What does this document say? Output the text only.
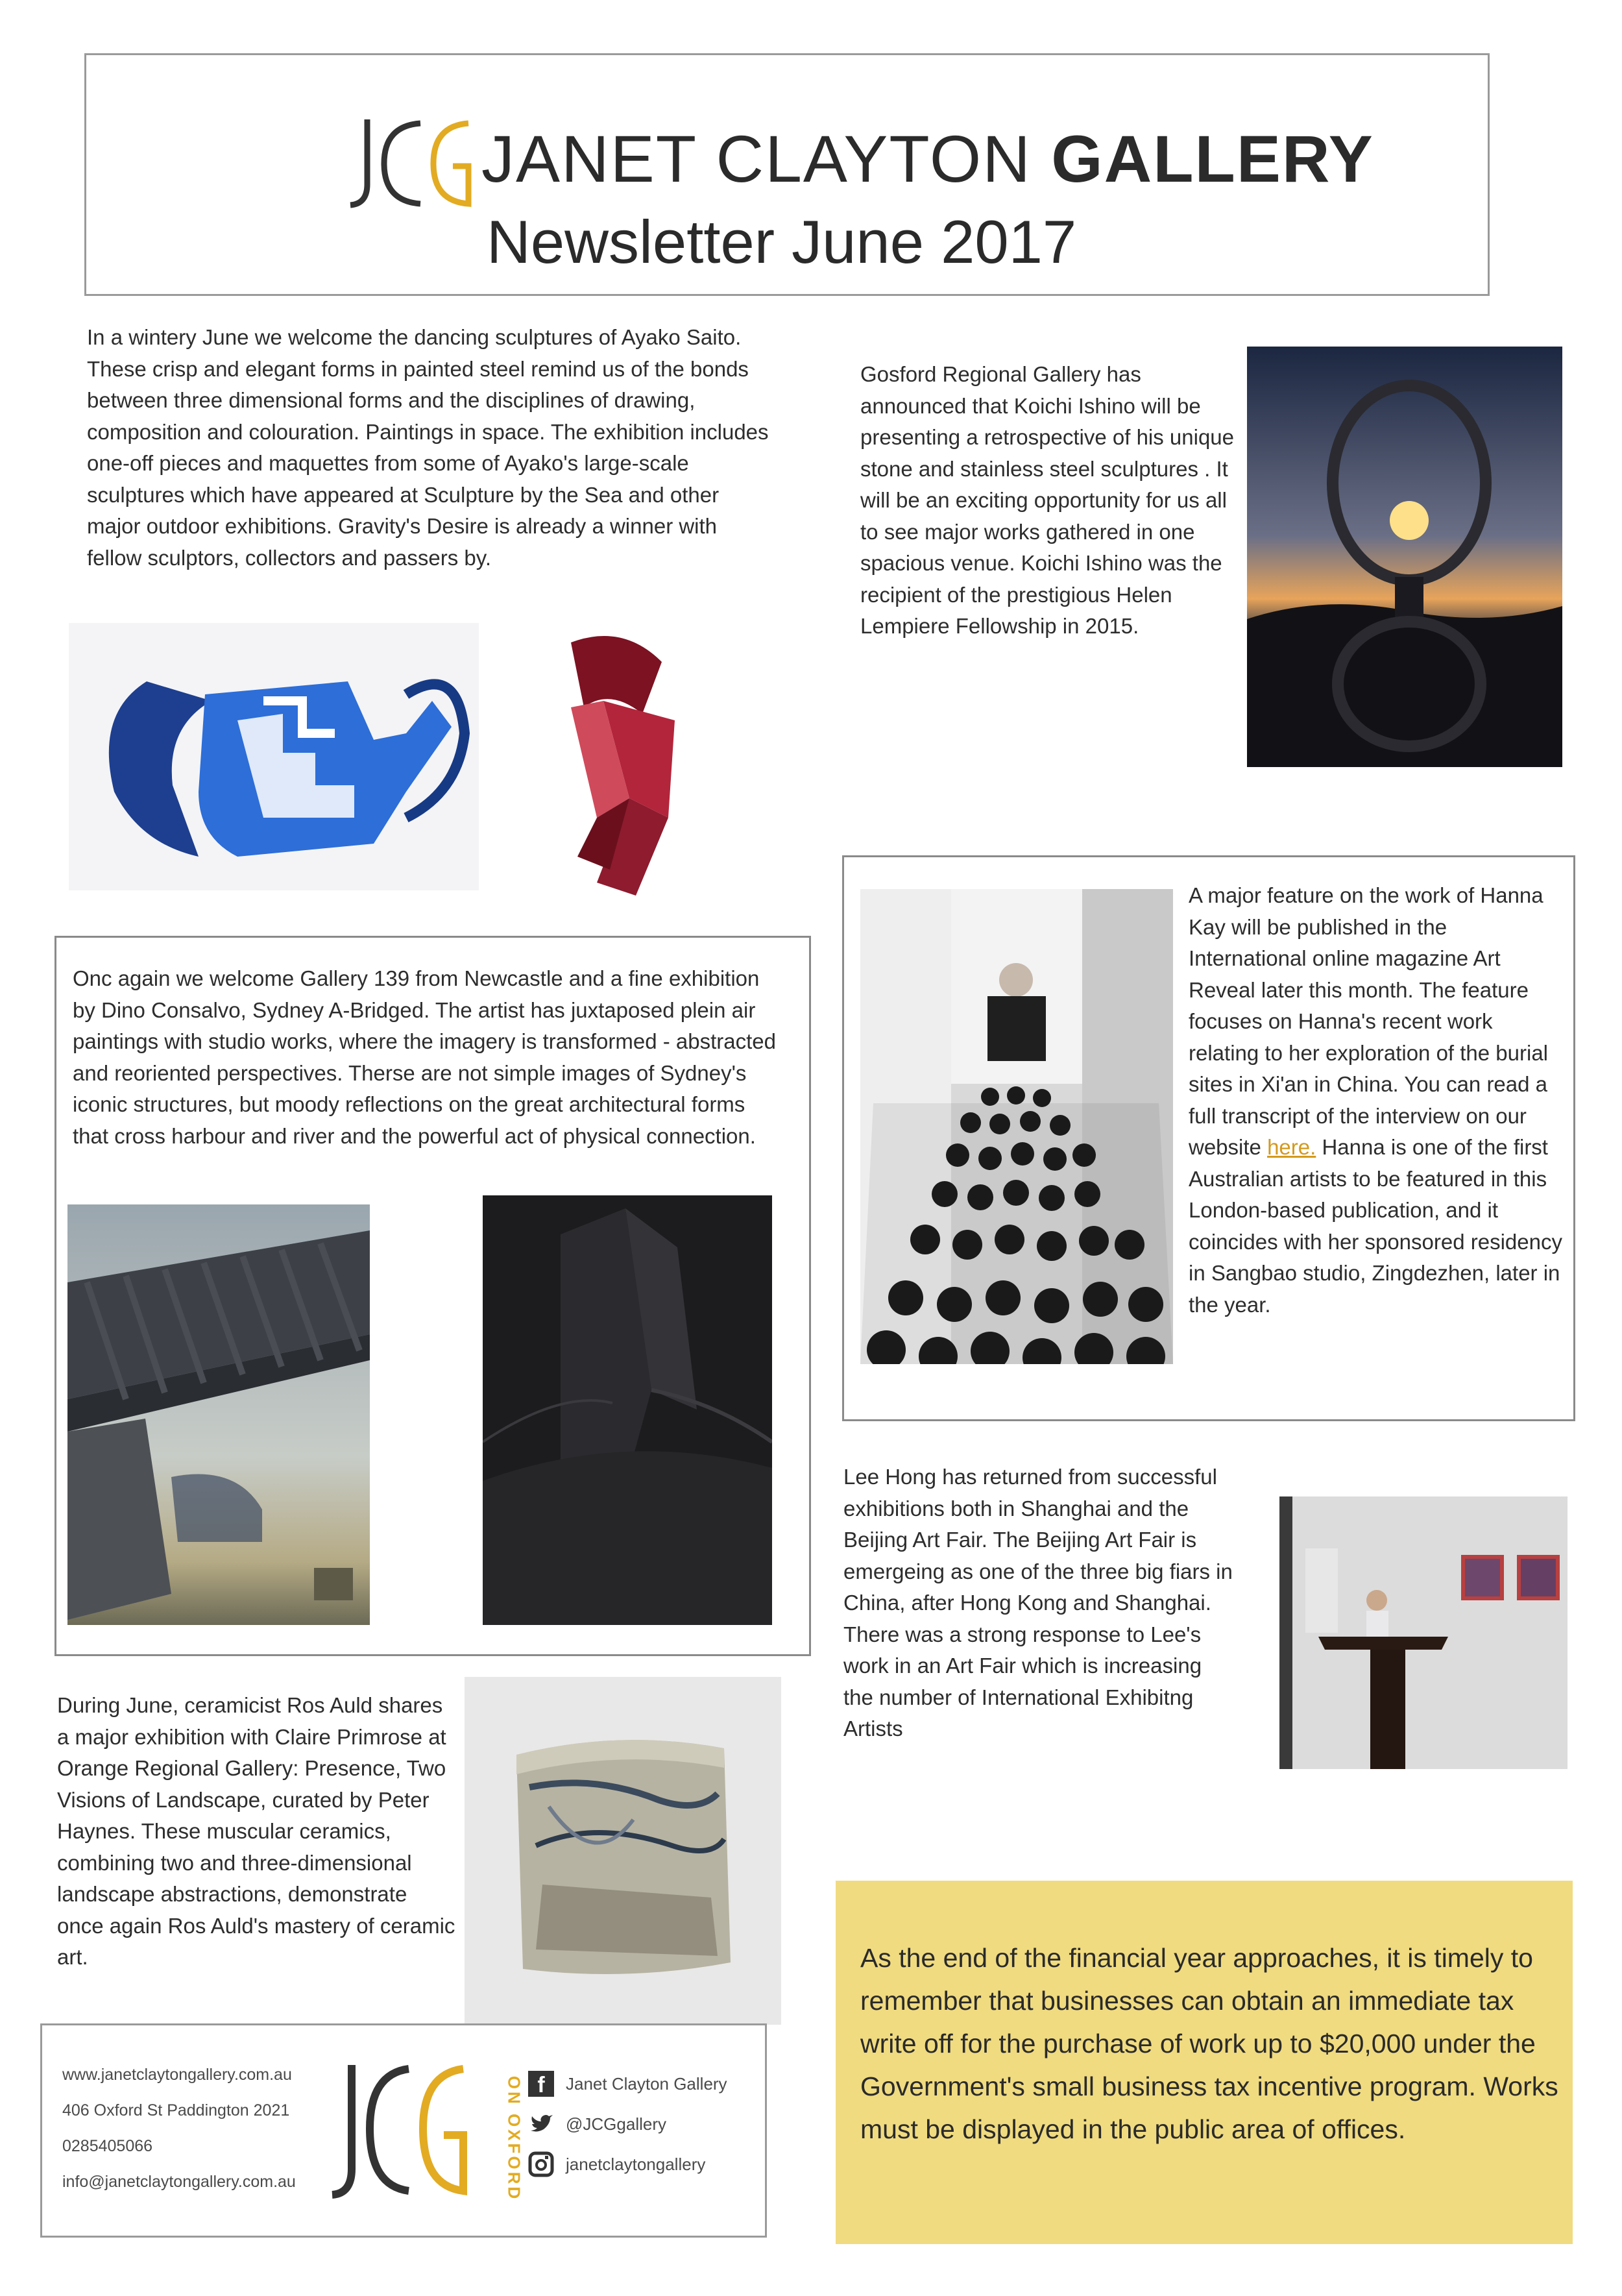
JANET CLAYTON GALLERY
Newsletter June 2017
In a wintery June we welcome the dancing sculptures of Ayako Saito. These crisp and elegant forms in painted steel remind us of the bonds between three dimensional forms and the disciplines of drawing, composition and colouration. Paintings in space. The exhibition includes one-off pieces and maquettes from some of Ayako's large-scale sculptures which have appeared at Sculpture by the Sea and other major outdoor exhibitions. Gravity's Desire is already a winner with fellow sculptors, collectors and passers by.
Gosford Regional Gallery has announced that Koichi Ishino will be presenting a retrospective of his unique stone and stainless steel sculptures . It will be an exciting opportunity for us all to see major works gathered in one spacious venue. Koichi Ishino was the recipient of the prestigious Helen Lempiere Fellowship in 2015.
A major feature on the work of Hanna Kay will be published in the International online magazine Art Reveal later this month. The feature focuses on Hanna's recent work relating to her exploration of the burial sites in Xi'an in China. You can read a full transcript of the interview on our website here. Hanna is one of the first Australian artists to be featured in this London-based publication, and it coincides with her sponsored residency in Sangbao studio, Zingdezhen, later in the year.
Onc again we welcome Gallery 139 from Newcastle and a fine exhibition by Dino Consalvo, Sydney A-Bridged. The artist has juxtaposed plein air paintings with studio works, where the imagery is transformed - abstracted and reoriented perspectives. Thersе are not simple images of Sydney's iconic structures, but moody reflections on the great architectural forms that cross harbour and river and the powerful act of physical connection.
Lee Hong has returned from successful exhibitions both in Shanghai and the Beijing Art Fair. The Beijing Art Fair is emergeing as one of the three big fiars in China, after Hong Kong and Shanghai. There was a strong response to Lee's work in an Art Fair which is increasing the number of International Exhibitng Artists
During June, ceramicist Ros Auld shares a major exhibition with Claire Primrose at Orange Regional Gallery: Presence, Two Visions of Landscape, curated by Peter Haynes. These muscular ceramics, combining two and three-dimensional landscape abstractions, demonstrate once again Ros Auld's mastery of ceramic art.
www.janetclaytongallery.com.au
406 Oxford St Paddington 2021
0285405066
info@janetclaytongallery.com.au	ON OXFORD f	Janet Clayton Gallery
@JCGgallery
janetclaytongallery
As the end of the financial year approaches, it is timely to remember that businesses can obtain an immediate tax write off for the purchase of work up to $20,000 under the Government's small business tax incentive program. Works must be displayed in the public area of offices.
